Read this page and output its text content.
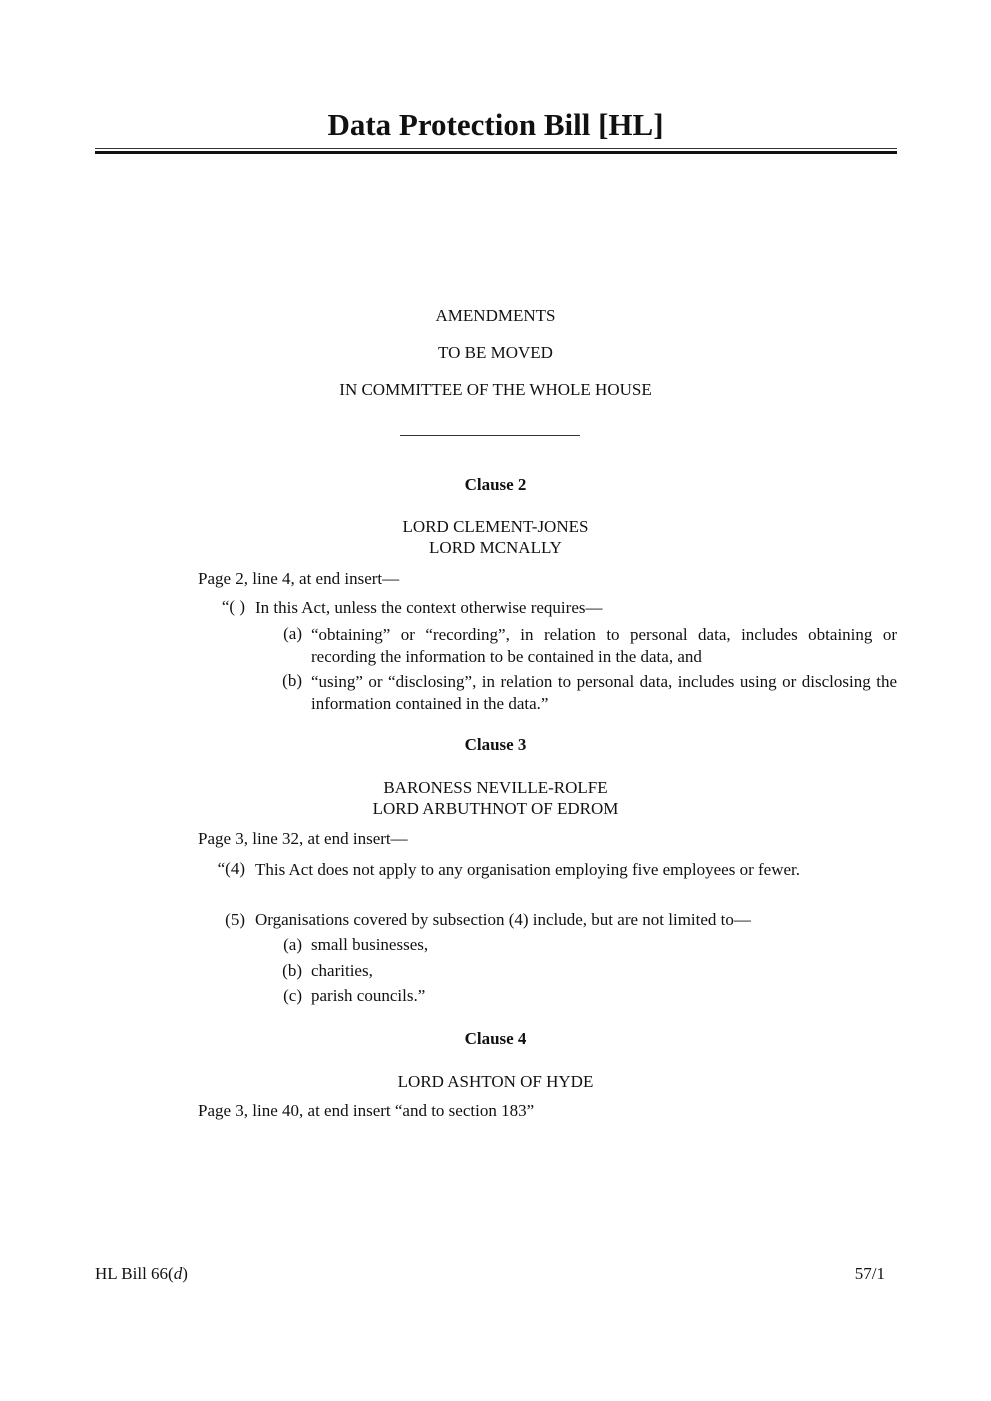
Data Protection Bill [HL]
AMENDMENTS
TO BE MOVED
IN COMMITTEE OF THE WHOLE HOUSE
Clause 2
LORD CLEMENT-JONES
LORD MCNALLY
Page 2, line 4, at end insert—
“( ) In this Act, unless the context otherwise requires—
(a) “obtaining” or “recording”, in relation to personal data, includes obtaining or recording the information to be contained in the data, and
(b) “using” or “disclosing”, in relation to personal data, includes using or disclosing the information contained in the data.”
Clause 3
BARONESS NEVILLE-ROLFE
LORD ARBUTHNOT OF EDROM
Page 3, line 32, at end insert—
“(4) This Act does not apply to any organisation employing five employees or fewer.
(5) Organisations covered by subsection (4) include, but are not limited to—
(a) small businesses,
(b) charities,
(c) parish councils.”
Clause 4
LORD ASHTON OF HYDE
Page 3, line 40, at end insert “and to section 183”
HL Bill 66(d)	57/1
